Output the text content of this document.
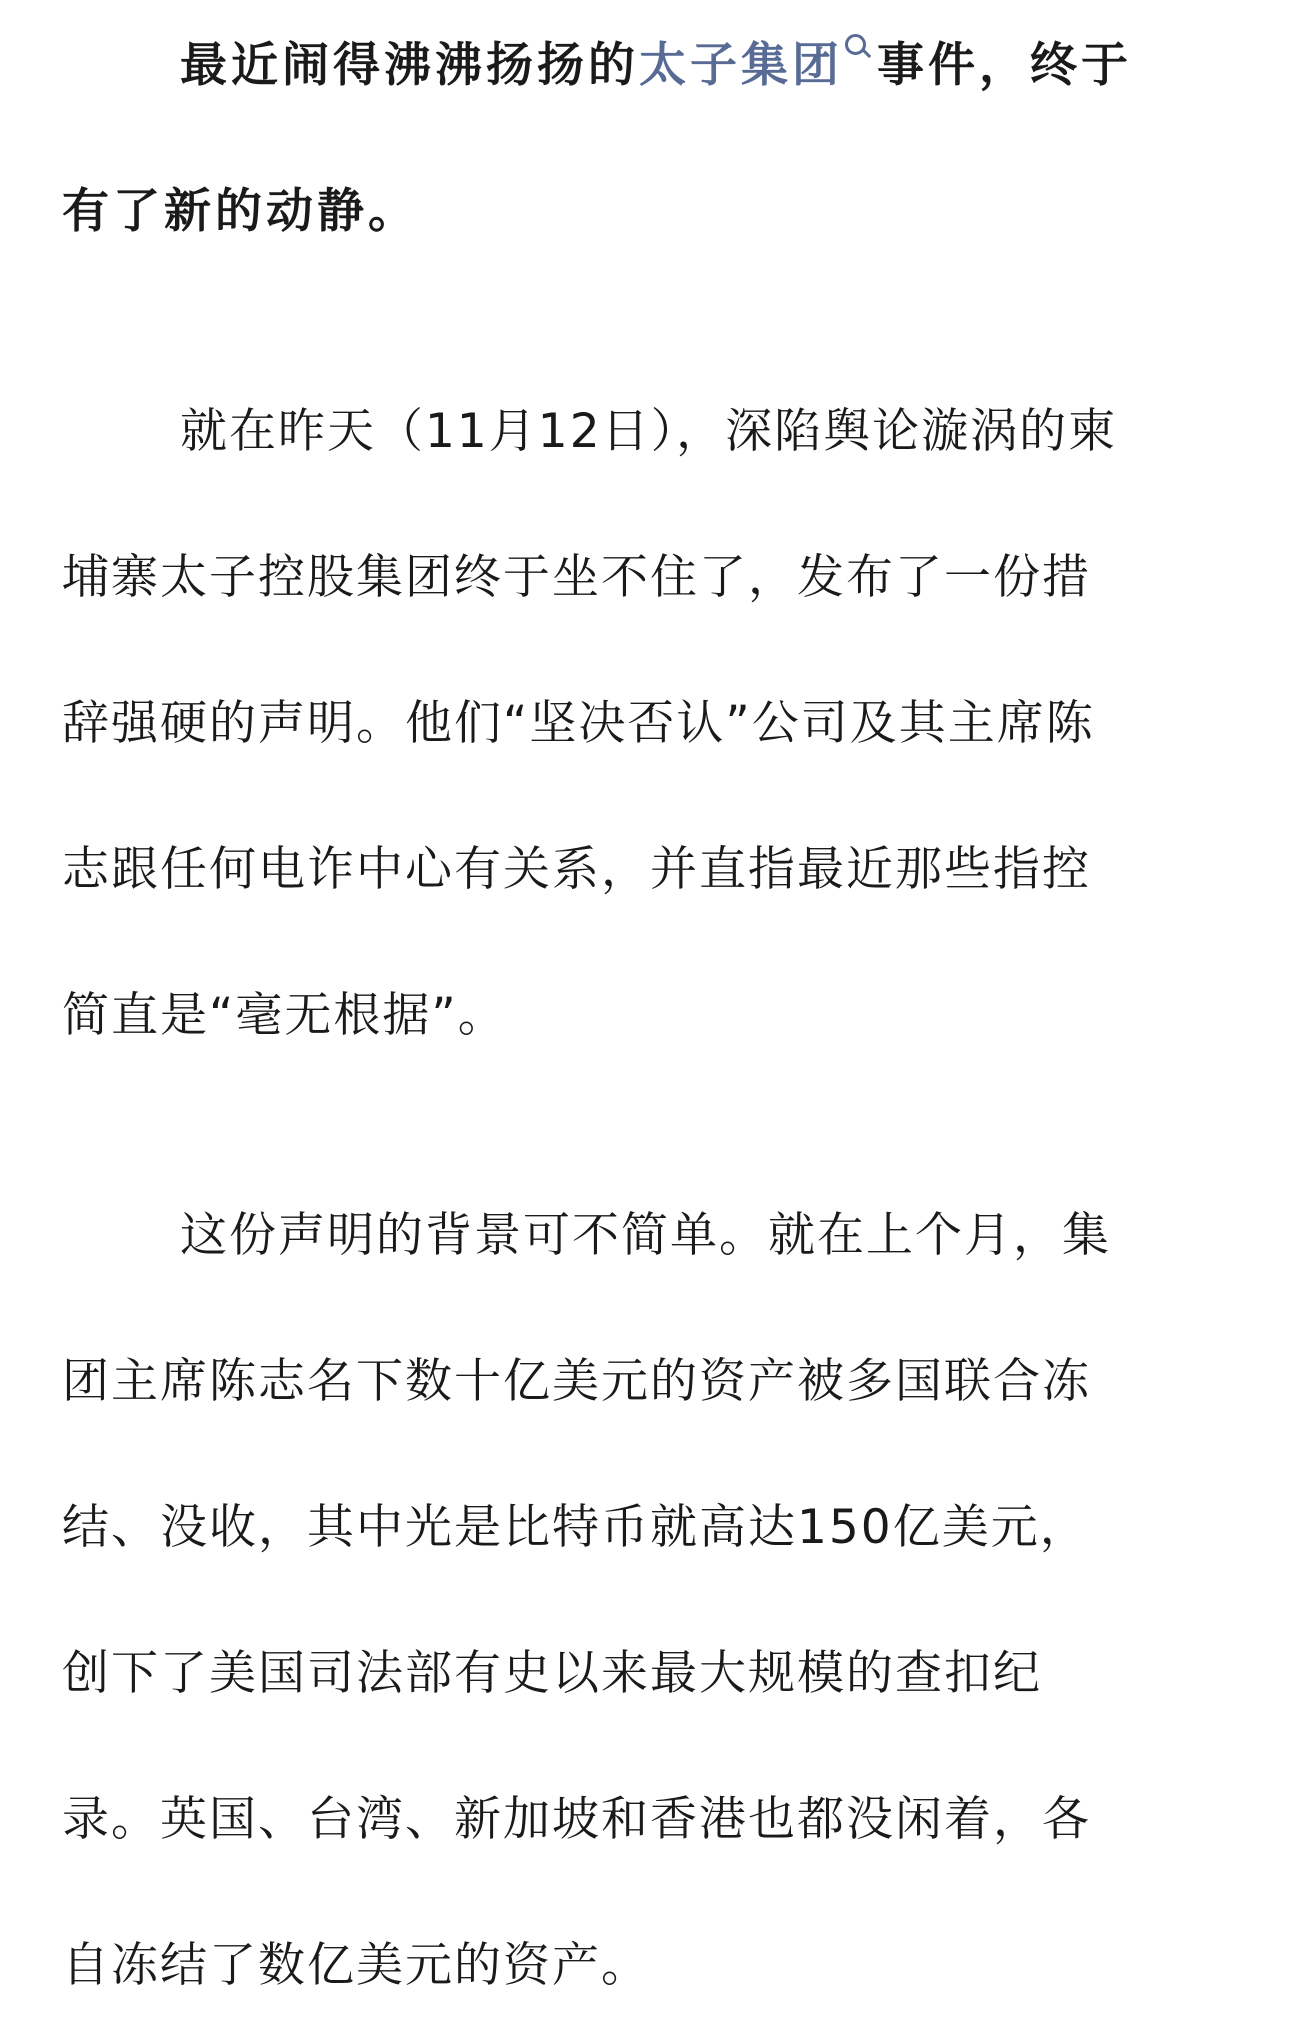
最近闹得沸沸扬扬的太子集团 事件，终于
有了新的动静。
就在昨天（11月12日），深陷舆论漩涡的柬
埔寨太子控股集团终于坐不住了，发布了一份措
辞强硬的声明。他们“坚决否认”公司及其主席陈
志跟任何电诈中心有关系，并直指最近那些指控
简直是“毫无根据”。
这份声明的背景可不简单。就在上个月，集
团主席陈志名下数十亿美元的资产被多国联合冻
结、没收，其中光是比特币就高达150亿美元，
创下了美国司法部有史以来最大规模的查扣纪
录。英国、台湾、新加坡和香港也都没闲着，各
自冻结了数亿美元的资产。
